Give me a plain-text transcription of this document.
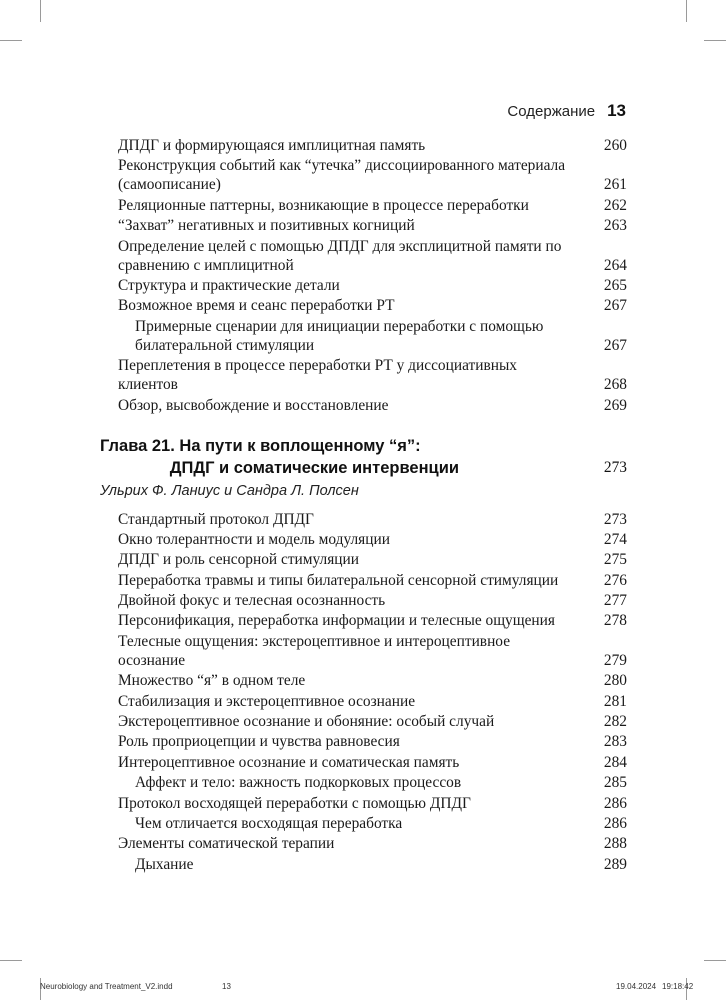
Содержание 13
ДПДГ и формирующаяся имплицитная память	260
Реконструкция событий как “утечка” диссоциированного материала (самоописание)	261
Реляционные паттерны, возникающие в процессе переработки	262
“Захват” негативных и позитивных когниций	263
Определение целей с помощью ДПДГ для эксплицитной памяти по сравнению с имплицитной	264
Структура и практические детали	265
Возможное время и сеанс переработки РТ	267
Примерные сценарии для инициации переработки с помощью билатеральной стимуляции	267
Переплетения в процессе переработки РТ у диссоциативных клиентов	268
Обзор, высвобождение и восстановление	269
Глава 21. На пути к воплощенному “я”:
ДПДГ и соматические интервенции	273
Ульрих Ф. Ланиус и Сандра Л. Полсен
Стандартный протокол ДПДГ	273
Окно толерантности и модель модуляции	274
ДПДГ и роль сенсорной стимуляции	275
Переработка травмы и типы билатеральной сенсорной стимуляции	276
Двойной фокус и телесная осознанность	277
Персонификация, переработка информации и телесные ощущения	278
Телесные ощущения: экстероцептивное и интероцептивное осознание	279
Множество “я” в одном теле	280
Стабилизация и экстероцептивное осознание	281
Экстероцептивное осознание и обоняние: особый случай	282
Роль проприоцепции и чувства равновесия	283
Интероцептивное осознание и соматическая память	284
Аффект и тело: важность подкорковых процессов	285
Протокол восходящей переработки с помощью ДПДГ	286
Чем отличается восходящая переработка	286
Элементы соматической терапии	288
Дыхание	289
Neurobiology and Treatment_V2.indd	13	19.04.2024 19:18:42
